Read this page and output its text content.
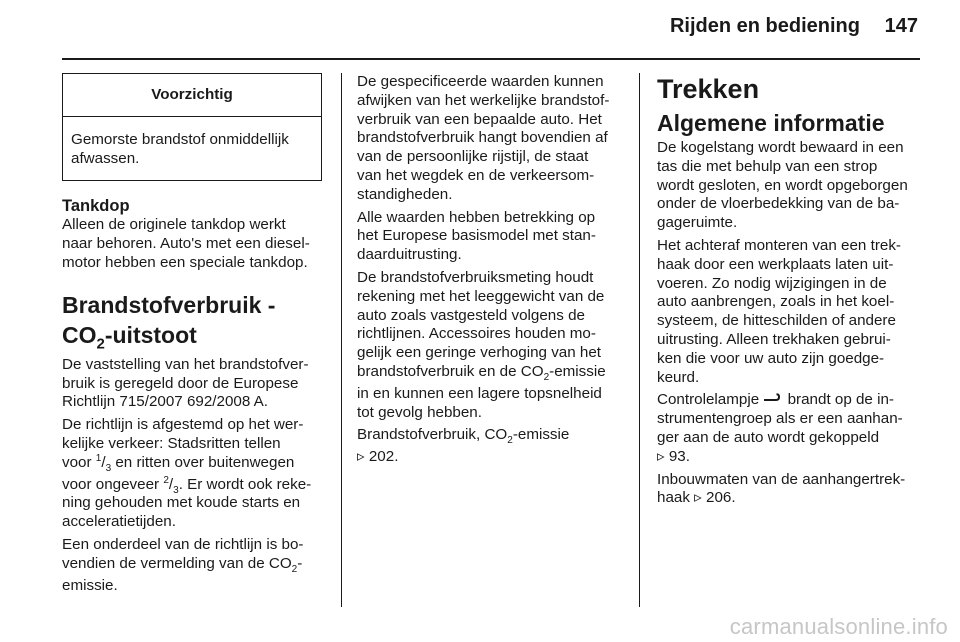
Rijden en bediening 147
Voorzichtig
Gemorste brandstof onmiddellijk
afwassen.
Tankdop
Alleen de originele tankdop werkt
naar behoren. Auto's met een diesel-
motor hebben een speciale tankdop.
Brandstofverbruik -
$CO_2$-uitstoot

De vaststelling van het brandstofver-
bruik is geregeld door de Europese
Richtlijn 715/2007 692/2008 A.

De richtlijn is afgestemd op het wer-
kelijke verkeer: Stadsritten tellen
voor $^1/_3$ en ritten over buitenwegen
voor ongeveer $^2/_3$. Er wordt ook reke-
ning gehouden met koude starts en
acceleratietijden.

Een onderdeel van de richtlijn is bo-
vendien de vermelding van de $CO_2-$
emissie.

De gespecificeerde waarden kunnen
afwijken van het werkelijke brandstof-
verbruik van een bepaalde auto. Het
brandstofverbruik hangt bovendien af
van de persoonlijke rijstijl, de staat
van het wegdek en de verkeersom-
standigheden.

Alle waarden hebben betrekking op
het Europese basismodel met stan-
daarduitrusting.

De brandstofverbruiksmeting houdt
rekening met het leeggewicht van de
auto zoals vastgesteld volgens de
richtlijnen. Accessoires houden mo-
gelijk een geringe verhoging van het
brandstofverbruik en de $CO_2$-emissie
in en kunnen een lagere topsnelheid
tot gevolg hebben.

Brandstofverbruik, $CO_2$-emissie
▹ 202.

Trekken
Algemene informatie

De kogelstang wordt bewaard in een
tas die met behulp van een strop
wordt gesloten, en wordt opgeborgen
onder de vloerbedekking van de ba-
gageruimte.

Het achteraf monteren van een trek-
haak door een werkplaats laten uit-
voeren. Zo nodig wijzigingen in de
auto aanbrengen, zoals in het koel-
systeem, de hitteschilden of andere
uitrusting. Alleen trekhaken gebrui-
ken die voor uw auto zijn goedge-
keurd.

Controlelampje  brandt op de in-
strumentengroep als er een aanhan-
ger aan de auto wordt gekoppeld
▹ 93.

Inbouwmaten van de aanhangertrek-
haak ▹ 206.

carmanualsonline.info
